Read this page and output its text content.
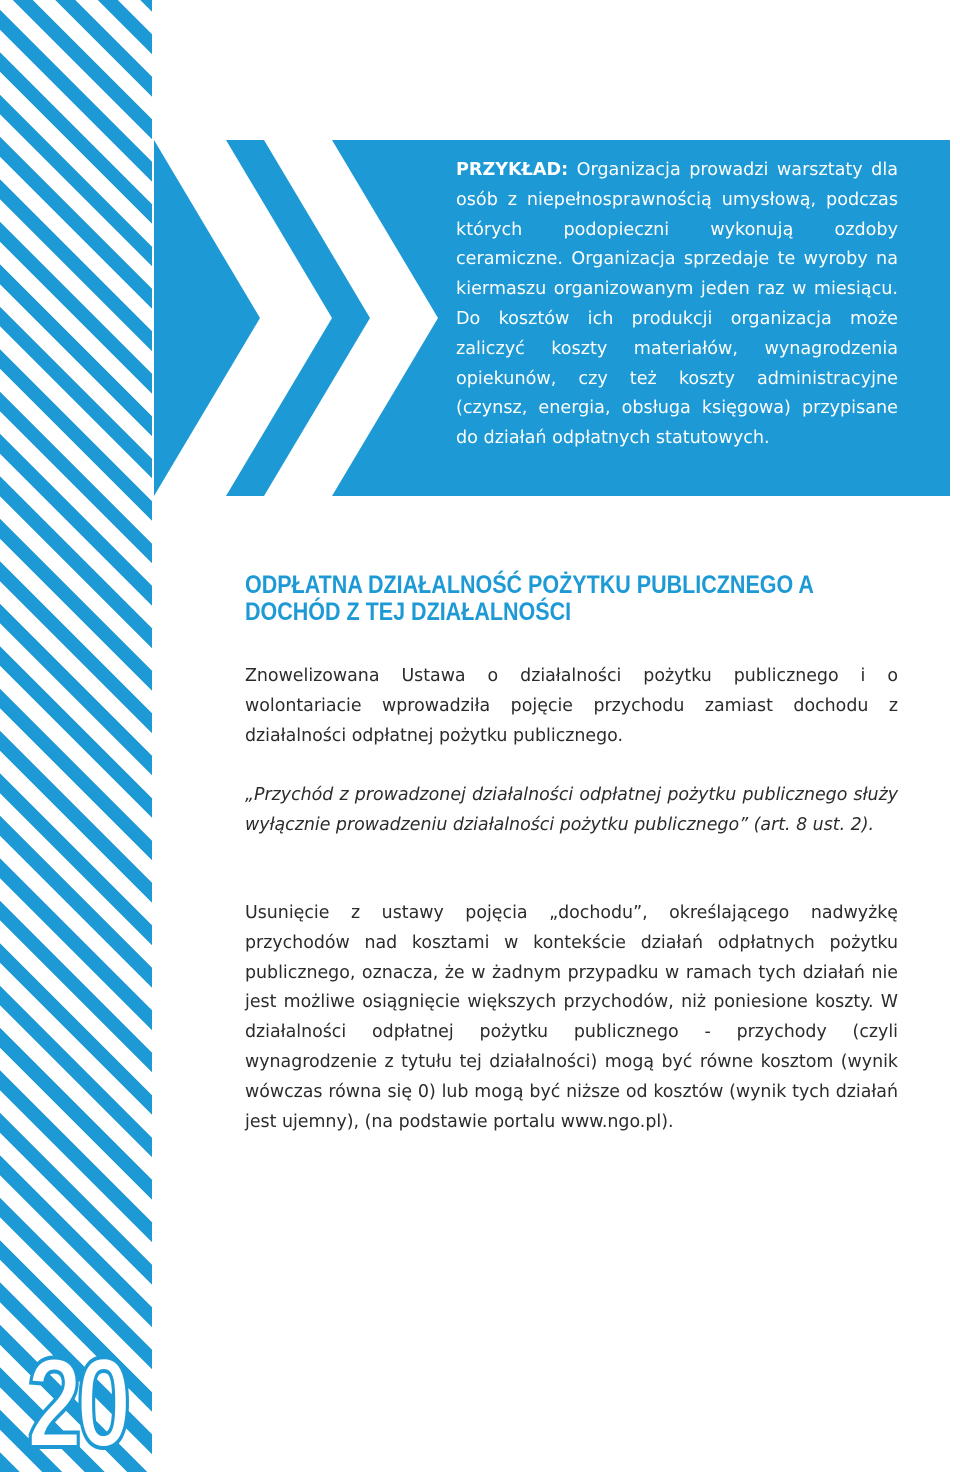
20

PRZYKŁAD: Organizacja prowadzi warsztaty dla osób z niepełnosprawnością umysłową, podczas których podopieczni wykonują ozdoby ceramiczne. Organizacja sprzedaje te wyroby na kiermaszu organizowanym jeden raz w miesiącu. Do kosztów ich produkcji organizacja może zaliczyć koszty materiałów, wynagrodzenia opiekunów, czy też koszty administracyjne (czynsz, energia, obsługa księgowa) przypisane do działań odpłatnych statutowych.

ODPŁATNA DZIAŁALNOŚĆ POŻYTKU PUBLICZNEGO A DOCHÓD Z TEJ DZIAŁALNOŚCI

Znowelizowana Ustawa o działalności pożytku publicznego i o wolontariacie wprowadziła pojęcie przychodu zamiast dochodu z działalności odpłatnej pożytku publicznego.

„Przychód z prowadzonej działalności odpłatnej pożytku publicznego służy wyłącznie prowadzeniu działalności pożytku publicznego” (art. 8 ust. 2).

Usunięcie z ustawy pojęcia „dochodu”, określającego nadwyżkę przychodów nad kosztami w kontekście działań odpłatnych pożytku publicznego, oznacza, że w żadnym przypadku w ramach tych działań nie jest możliwe osiągnięcie większych przychodów, niż poniesione koszty. W działalności odpłatnej pożytku publicznego - przychody (czyli wynagrodzenie z tytułu tej działalności) mogą być równe kosztom (wynik wówczas równa się 0) lub mogą być niższe od kosztów (wynik tych działań jest ujemny), (na podstawie portalu www.ngo.pl).
